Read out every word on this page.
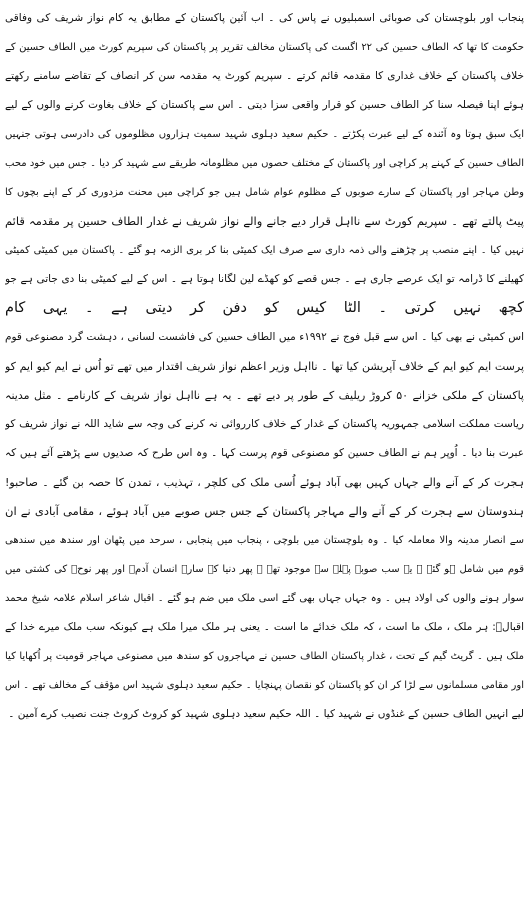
پنجاب اور بلوچستان کی صوبائی اسمبلیوں نے پاس کی ۔ اب آئین پاکستان کے مطابق یہ کام نواز شریف کی وفاقی
حکومت کا تھا کہ الطاف حسین کی ۲۲ اگست کی پاکستان مخالف تقریر پر پاکستان کی سپریم کورٹ میں الطاف حسین کے
خلاف پاکستان کے خلاف غداری کا مقدمہ قائم کرتے ۔ سپریم کورٹ یہ مقدمہ سن کر انصاف کے تقاضے سامنے رکھتے
ہوئے اپنا فیصلہ سنا کر الطاف حسین کو قرار واقعی سزا دیتی ۔ اس سے پاکستان کے خلاف بغاوت کرنے والوں کے لیے
ایک سبق ہوتا وہ آئندہ کے لیے عبرت پکڑتے ۔ حکیم سعید دہلوی شہید سمیت ہزاروں مظلوموں کی دادرسی ہوتی جنہیں
الطاف حسین کے کہنے پر کراچی اور پاکستان کے مختلف حصوں میں مظلومانہ طریقے سے شہید کر دیا ۔ جس میں خود محب
وطن مہاجر اور پاکستان کے سارے صوبوں کے مظلوم عوام شامل ہیں جو کراچی میں محنت مزدوری کر کے اپنے بچوں کا
پیٹ پالتے تھے ۔ سپریم کورٹ سے نااہل قرار دیے جانے والے نواز شریف نے غدار الطاف حسین پر مقدمہ قائم
نہیں کیا ۔ اپنے منصب پر چڑھنے والی ذمہ داری سے صرف ایک کمیٹی بنا کر بری الزمہ ہو گئے ۔ پاکستان میں کمیٹی کمیٹی
کھیلنے کا ڈرامہ تو ایک عرصے جاری ہے ۔ جس قصے کو کھڈے لین لگانا ہوتا ہے ۔ اس کے لیے کمیٹی بنا دی جاتی ہے جو
کچھ نہیں کرتی ۔ الٹا کیس کو دفن کر دیتی ہے ۔ یہی کام
اس کمیٹی نے بھی کیا ۔ اس سے قبل فوج نے ۱۹۹۲ء میں الطاف حسین کی فاشست لسانی ، دہشت گرد مصنوعی قوم
پرست ایم کیو ایم کے خلاف آپریشن کیا تھا ۔ نااہل وزیر اعظم نواز شریف اقتدار میں تھے تو اُس نے ایم کیو ایم کو
پاکستان کے ملکی خزانے ۵۰ کروڑ ریلیف کے طور پر دیے تھے ۔ یہ ہے نااہل نواز شریف کے کارنامے ۔ مثل مدینہ
ریاست مملکت اسلامی جمہوریہ پاکستان کے غدار کے خلاف کارروائی نہ کرنے کی وجہ سے شاید اللہ نے نواز شریف کو
عبرت بنا دیا ۔ اُوپر ہم نے الطاف حسین کو مصنوعی قوم پرست کہا ۔ وہ اس طرح کہ صدیوں سے پڑھتے آئے ہیں کہ
ہجرت کر کے آنے والے جہاں کہیں بھی آباد ہوئے اُسی ملک کی کلچر ، تہذیب ، تمدن کا حصہ بن گئے ۔ صاحبو!
ہندوستان سے ہجرت کر کے آنے والے مہاجر پاکستان کے جس جس صوبے میں آباد ہوئے ، مقامی آبادی نے ان
سے انصار مدینہ والا معاملہ کیا ۔ وہ بلوچستان میں بلوچی ، پنجاب میں پنجابی ، سرحد میں پٹھان اور سندھ میں سندھی
قوم میں شامل ہو گئے ۔ یہ سب صوبے پہلے سے موجود تھے ۔ پھر دنیا کے سارے انسان آدمؑ اور پھر نوحؑ کی کشتی میں
سوار ہونے والوں کی اولاد ہیں ۔ وہ جہاں جہاں بھی گئے اسی ملک میں ضم ہو گئے ۔ اقبال شاعر اسلام علامہ شیخ محمد
اقبالؒ: ہر ملک ، ملک ما است ، کہ ملک خدائے ما است ۔ یعنی ہر ملک میرا ملک ہے کیونکہ سب ملک میرے خدا کے
ملک ہیں ۔ گریٹ گیم کے تحت ، غدار پاکستان الطاف حسین نے مہاجروں کو سندھ میں مصنوعی مہاجر قومیت پر اُکھایا کیا
اور مقامی مسلمانوں سے لڑا کر ان کو پاکستان کو نقصان پہنچایا ۔ حکیم سعید دہلوی شہید اس مؤقف کے مخالف تھے ۔ اس
لیے انہیں الطاف حسین کے غنڈوں نے شہید کیا ۔ اللہ حکیم سعید دہلوی شہید کو کروٹ کروٹ جنت نصیب کرے آمین ۔
